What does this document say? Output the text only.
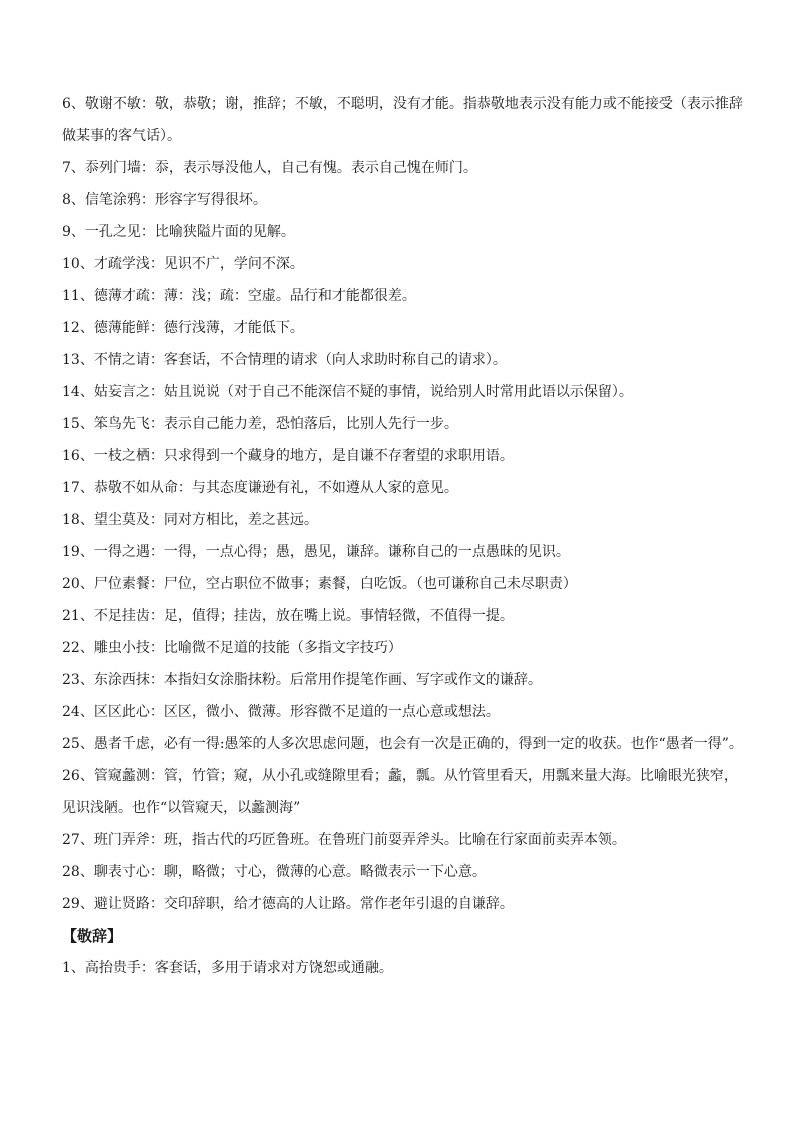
6、敬谢不敏：敬，恭敬；谢，推辞；不敏，不聪明，没有才能。指恭敬地表示没有能力或不能接受（表示推辞做某事的客气话）。

7、忝列门墙：忝，表示辱没他人，自己有愧。表示自己愧在师门。

8、信笔涂鸦：形容字写得很坏。

9、一孔之见：比喻狭隘片面的见解。

10、才疏学浅：见识不广，学问不深。

11、德薄才疏：薄：浅；疏：空虚。品行和才能都很差。

12、德薄能鲜：德行浅薄，才能低下。

13、不情之请：客套话，不合情理的请求（向人求助时称自己的请求）。

14、姑妄言之：姑且说说（对于自己不能深信不疑的事情，说给别人时常用此语以示保留）。

15、笨鸟先飞：表示自己能力差，恐怕落后，比别人先行一步。

16、一枝之栖：只求得到一个藏身的地方，是自谦不存奢望的求职用语。

17、恭敬不如从命：与其态度谦逊有礼，不如遵从人家的意见。

18、望尘莫及：同对方相比，差之甚远。

19、一得之遇：一得，一点心得；愚，愚见，谦辞。谦称自己的一点愚昧的见识。

20、尸位素餐：尸位，空占职位不做事；素餐，白吃饭。（也可谦称自己未尽职责）

21、不足挂齿：足，值得；挂齿，放在嘴上说。事情轻微，不值得一提。

22、雕虫小技：比喻微不足道的技能（多指文字技巧）

23、东涂西抹：本指妇女涂脂抹粉。后常用作提笔作画、写字或作文的谦辞。

24、区区此心：区区，微小、微薄。形容微不足道的一点心意或想法。

25、愚者千虑，必有一得:愚笨的人多次思虑问题，也会有一次是正确的，得到一定的收获。也作“愚者一得”。

26、管窥蠡测：管，竹管；窥，从小孔或缝隙里看；蠡，瓢。从竹管里看天，用瓢来量大海。比喻眼光狭窄，见识浅陋。也作“以管窥天，以蠡测海”

27、班门弄斧：班，指古代的巧匠鲁班。在鲁班门前耍弄斧头。比喻在行家面前卖弄本领。

28、聊表寸心：聊，略微；寸心，微薄的心意。略微表示一下心意。

29、避让贤路：交印辞职，给才德高的人让路。常作老年引退的自谦辞。

【敬辞】

1、高抬贵手：客套话，多用于请求对方饶恕或通融。
